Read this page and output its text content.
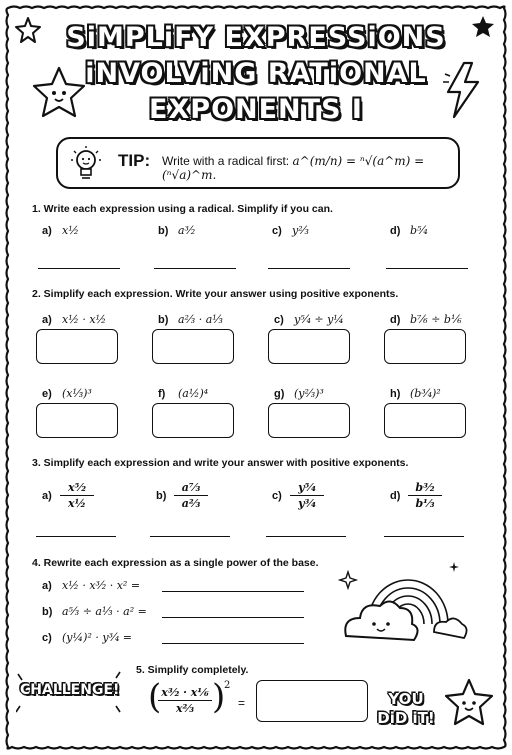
SiMPLiFY EXPRESSiONS
iNVOLViNG RATiONAL
EXPONENTS I
TIP: Write with a radical first: a^(m/n) = ⁿ√(a^m) = (ⁿ√a)^m.
1. Write each expression using a radical. Simplify if you can.
a) x½	b) a³⁄₂	c) y²⁄₃	d) b⁵⁄₄
2. Simplify each expression. Write your answer using positive exponents.
a) x½ · x½	b) a²⁄₃ · a⅓	c) y⁵⁄₄ ÷ y¼	d) b⁷⁄₆ ÷ b⅙
e) (x⅓)³	f) (a½)⁴	g) (y²⁄₃)³	h) (b³⁄₄)²
3. Simplify each expression and write your answer with positive exponents.
$a) \frac{\text{x⁵⁄₂}}{\text{x½}}$	$b) \frac{\text{a⁷⁄₃}}{\text{a²⁄₃}}$	$c) \frac{\text{y⁵⁄₄}}{\text{y³⁄₄}}$	$d) \frac{\text{b³⁄₂}}{\text{b⅓}}$
4. Rewrite each expression as a single power of the base.
a) x½ · x³⁄₂ · x² =
b) a⁵⁄₃ ÷ a⅓ · a² =
c) (y¼)² · y³⁄₄ =
CHALLENGE!
5. Simplify completely.
(
$\frac{\text{x³⁄₂ · x⅙}}{\text{x²⁄₃}}$ )
2
=	YOU
DiD iT!
